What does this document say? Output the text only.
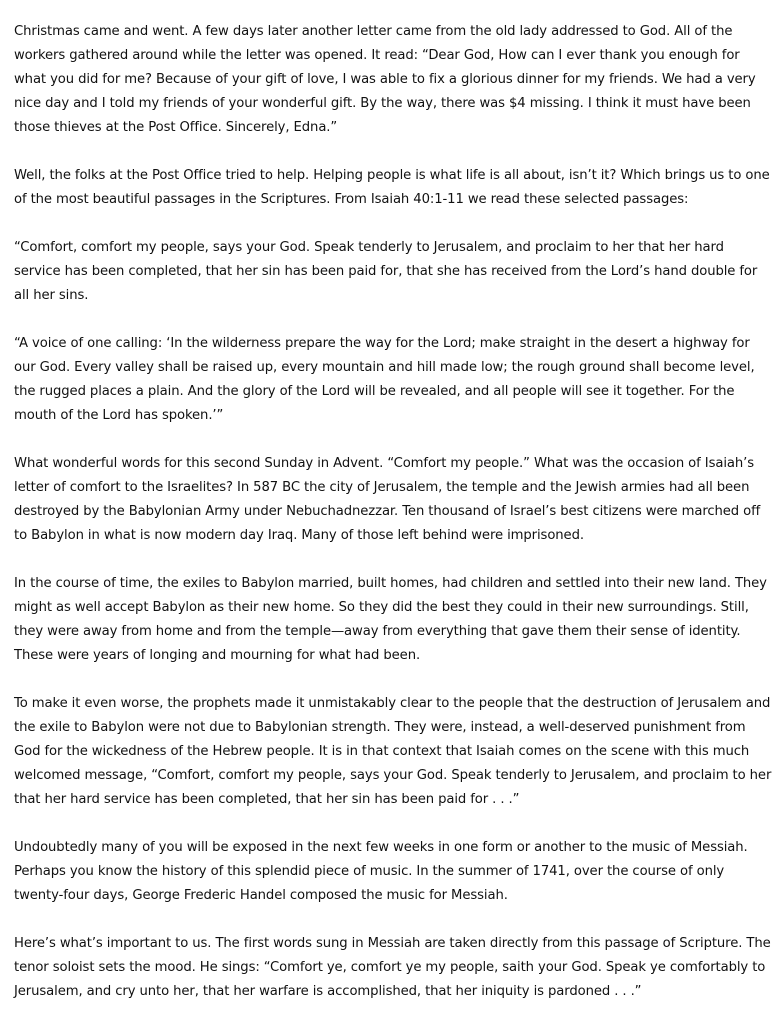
Christmas came and went. A few days later another letter came from the old lady addressed to God. All of the workers gathered around while the letter was opened. It read: “Dear God, How can I ever thank you enough for what you did for me? Because of your gift of love, I was able to fix a glorious dinner for my friends. We had a very nice day and I told my friends of your wonderful gift. By the way, there was $4 missing. I think it must have been those thieves at the Post Office. Sincerely, Edna.”

Well, the folks at the Post Office tried to help. Helping people is what life is all about, isn’t it? Which brings us to one of the most beautiful passages in the Scriptures. From Isaiah 40:1-11 we read these selected passages:

“Comfort, comfort my people, says your God. Speak tenderly to Jerusalem, and proclaim to her that her hard service has been completed, that her sin has been paid for, that she has received from the Lord’s hand double for all her sins.

“A voice of one calling: ‘In the wilderness prepare the way for the Lord; make straight in the desert a highway for our God. Every valley shall be raised up, every mountain and hill made low; the rough ground shall become level, the rugged places a plain. And the glory of the Lord will be revealed, and all people will see it together. For the mouth of the Lord has spoken.’”

What wonderful words for this second Sunday in Advent. “Comfort my people.” What was the occasion of Isaiah’s letter of comfort to the Israelites? In 587 BC the city of Jerusalem, the temple and the Jewish armies had all been destroyed by the Babylonian Army under Nebuchadnezzar. Ten thousand of Israel’s best citizens were marched off to Babylon in what is now modern day Iraq. Many of those left behind were imprisoned.

In the course of time, the exiles to Babylon married, built homes, had children and settled into their new land. They might as well accept Babylon as their new home. So they did the best they could in their new surroundings. Still, they were away from home and from the temple—away from everything that gave them their sense of identity. These were years of longing and mourning for what had been.

To make it even worse, the prophets made it unmistakably clear to the people that the destruction of Jerusalem and the exile to Babylon were not due to Babylonian strength. They were, instead, a well-deserved punishment from God for the wickedness of the Hebrew people. It is in that context that Isaiah comes on the scene with this much welcomed message, “Comfort, comfort my people, says your God. Speak tenderly to Jerusalem, and proclaim to her that her hard service has been completed, that her sin has been paid for . . .”

Undoubtedly many of you will be exposed in the next few weeks in one form or another to the music of Messiah. Perhaps you know the history of this splendid piece of music. In the summer of 1741, over the course of only twenty-four days, George Frederic Handel composed the music for Messiah.

Here’s what’s important to us. The first words sung in Messiah are taken directly from this passage of Scripture. The tenor soloist sets the mood. He sings: “Comfort ye, comfort ye my people, saith your God. Speak ye comfortably to Jerusalem, and cry unto her, that her warfare is accomplished, that her iniquity is pardoned . . .”
